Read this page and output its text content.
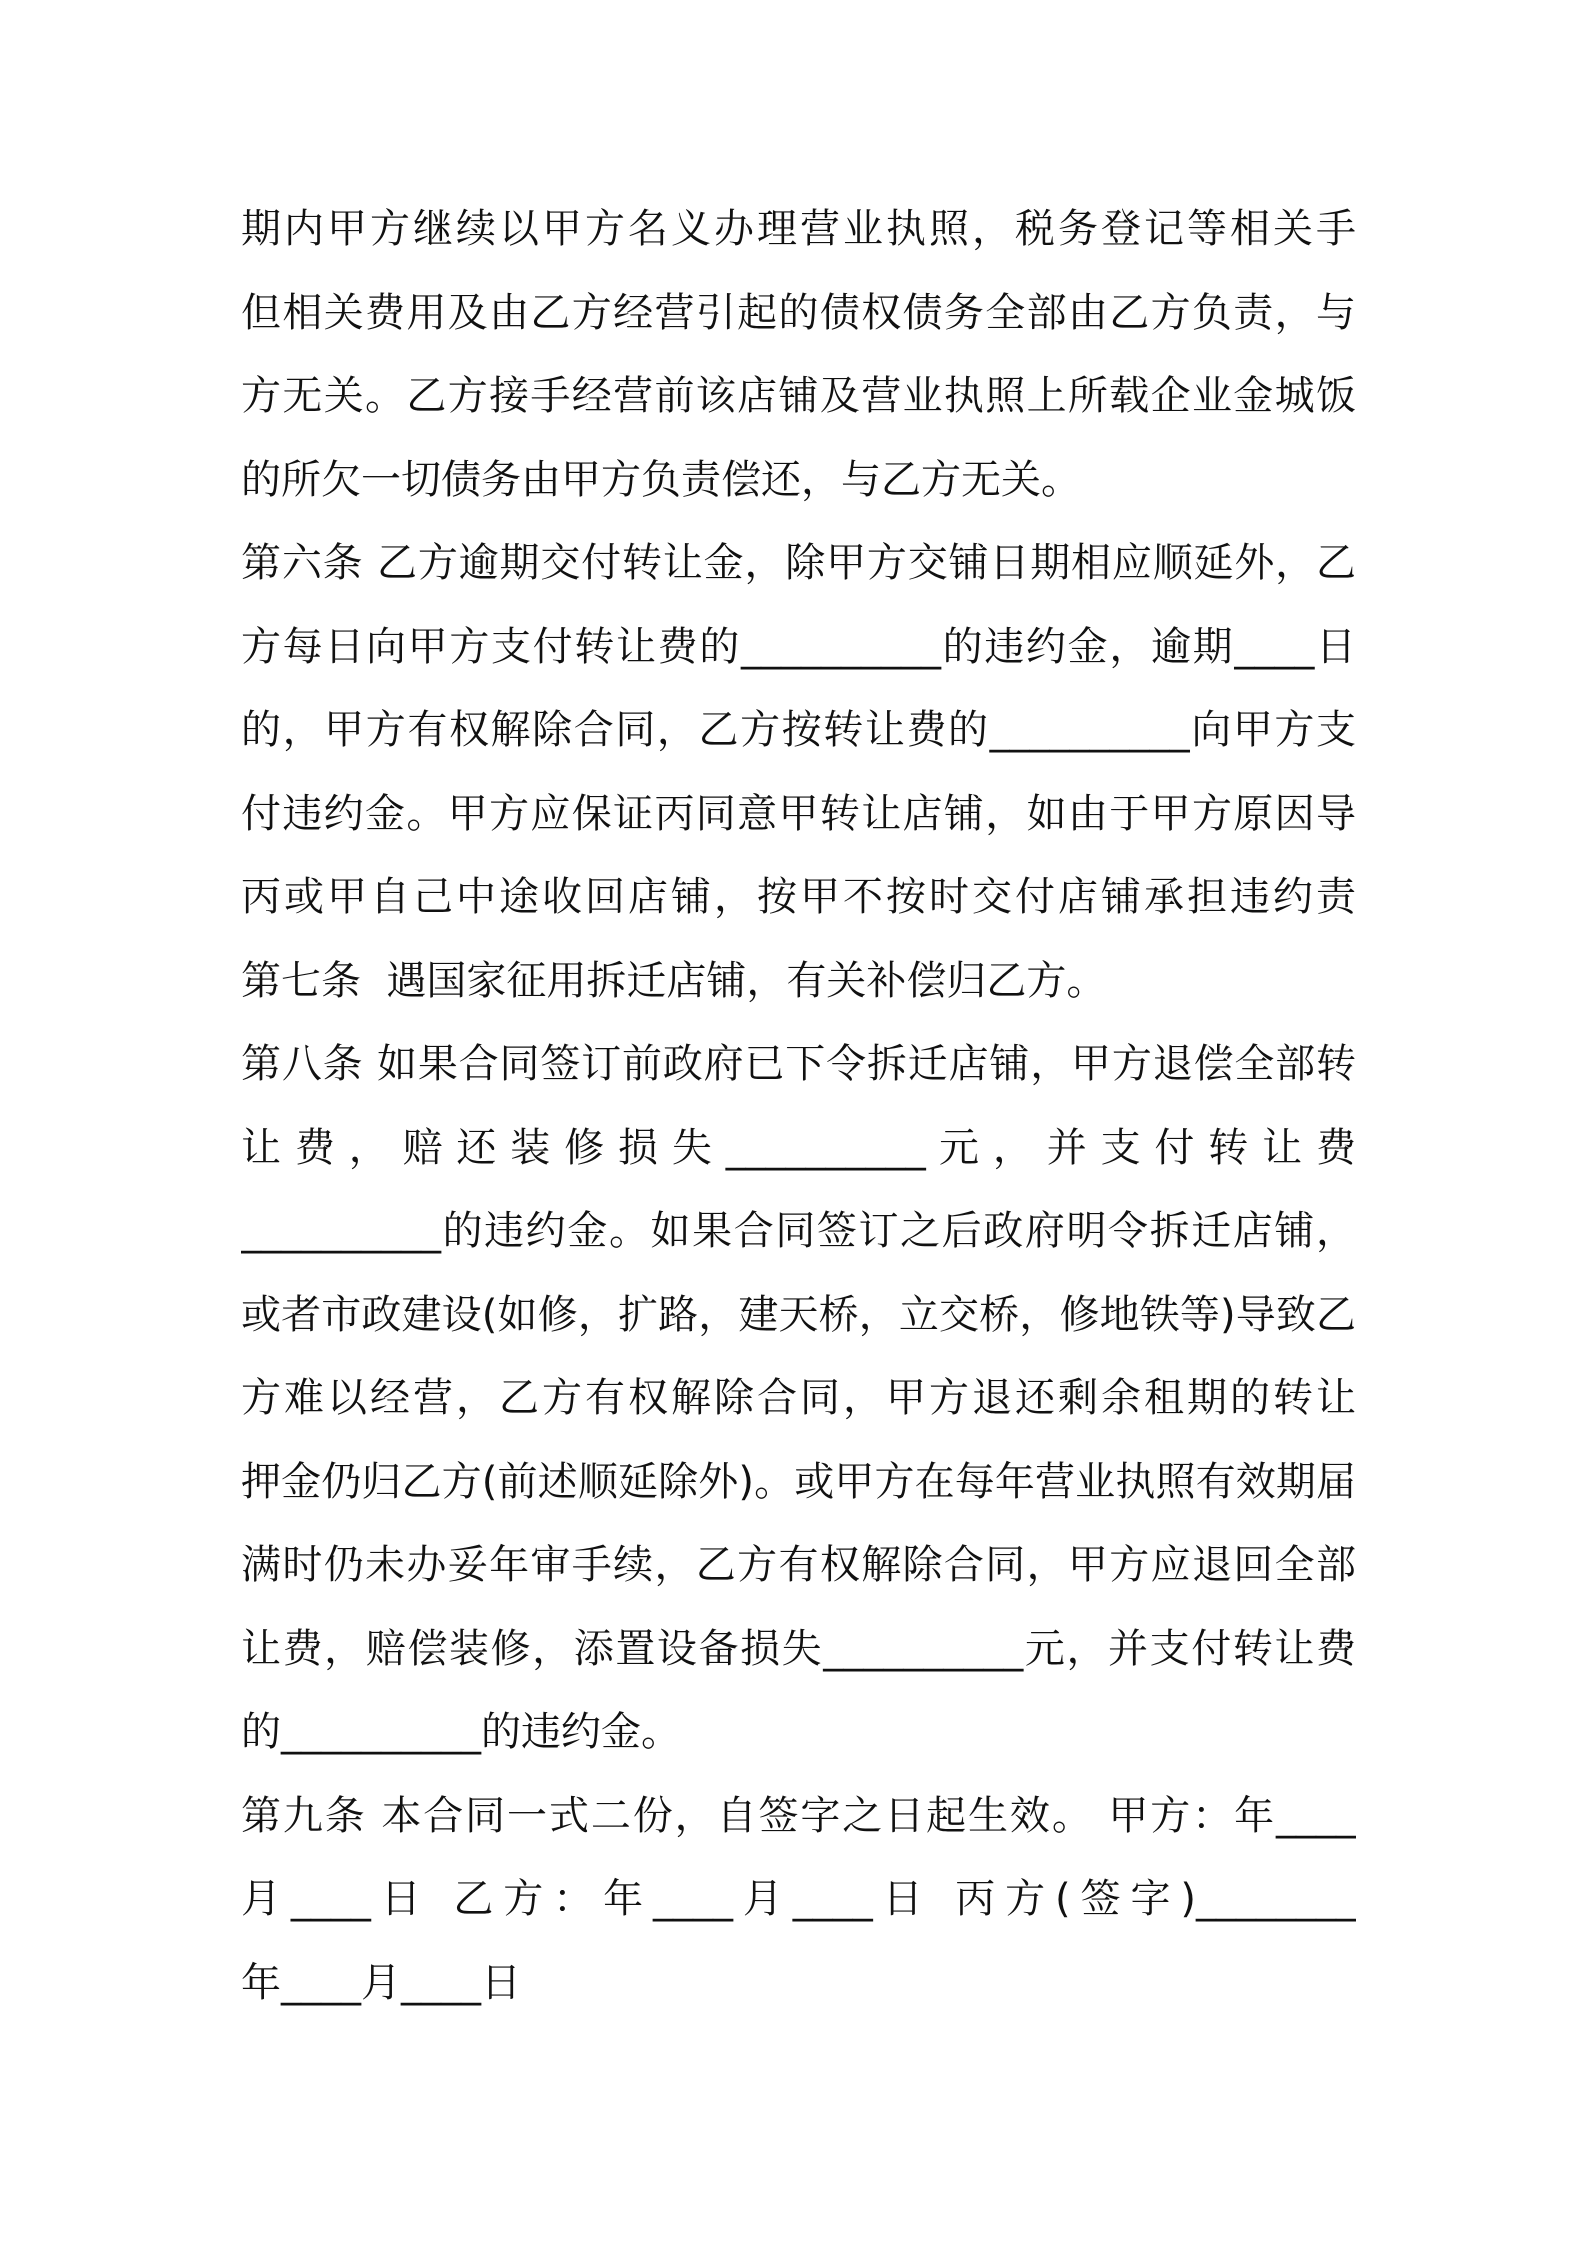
期内甲方继续以甲方名义办理营业执照，税务登记等相关手
但相关费用及由乙方经营引起的债权债务全部由乙方负责，与
方无关。乙方接手经营前该店铺及营业执照上所载企业金城饭
的所欠一切债务由甲方负责偿还，与乙方无关。
第六条 乙方逾期交付转让金，除甲方交铺日期相应顺延外，乙
方每日向甲方支付转让费的__________的违约金，逾期____日
的，甲方有权解除合同，乙方按转让费的__________向甲方支
付违约金。甲方应保证丙同意甲转让店铺，如由于甲方原因导
丙或甲自己中途收回店铺，按甲不按时交付店铺承担违约责
第七条  遇国家征用拆迁店铺，有关补偿归乙方。
第八条 如果合同签订前政府已下令拆迁店铺，甲方退偿全部转
让 费 ， 赔 还 装 修 损 失 __________ 元 ， 并 支 付 转 让 费
__________的违约金。如果合同签订之后政府明令拆迁店铺，
或者市政建设(如修，扩路，建天桥，立交桥，修地铁等)导致乙
方难以经营，乙方有权解除合同，甲方退还剩余租期的转让
押金仍归乙方(前述顺延除外)。或甲方在每年营业执照有效期届
满时仍未办妥年审手续，乙方有权解除合同，甲方应退回全部
让费，赔偿装修，添置设备损失__________元，并支付转让费
的__________的违约金。
第九条 本合同一式二份，自签字之日起生效。 甲方：年____
月____日 乙方：年____月____日 丙方(签字)________
年____月____日
